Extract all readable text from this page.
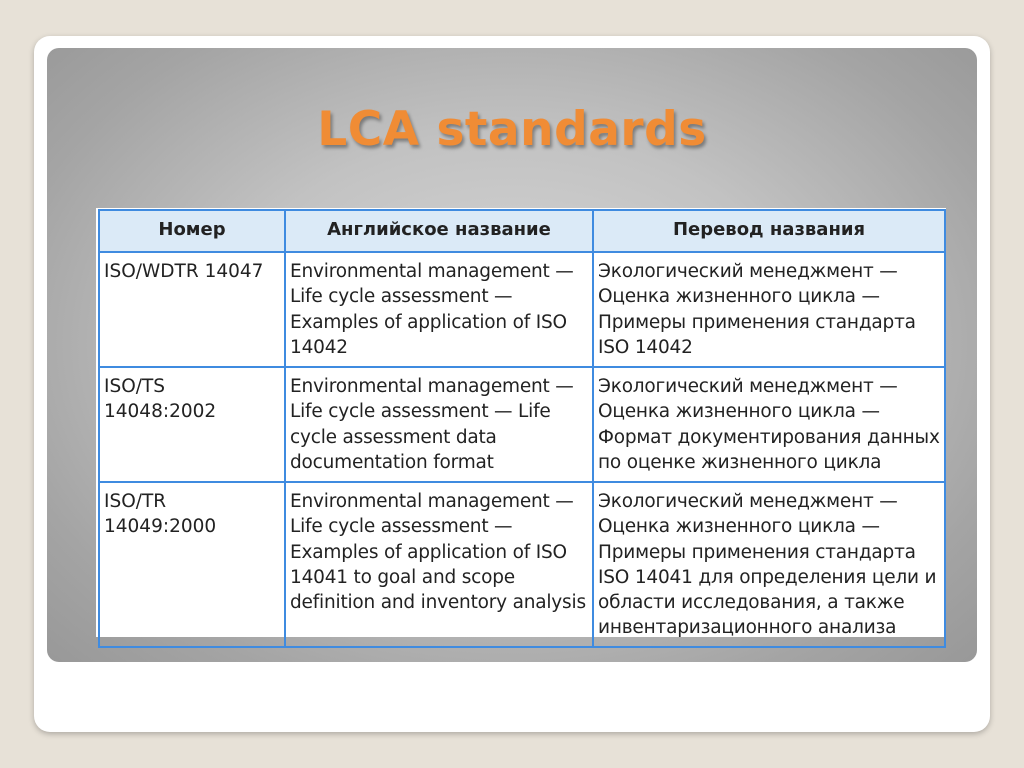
LCA standards
Номер	Английское название	Перевод названия
ISO/WDTR 14047	Environmental management — Life cycle assessment — Examples of application of ISO 14042	Экологический менеджмент — Оценка жизненного цикла — Примеры применения стандарта ISO 14042
ISO/TS 14048:2002	Environmental management — Life cycle assessment — Life cycle assessment data documentation format	Экологический менеджмент — Оценка жизненного цикла — Формат документирования данных по оценке жизненного цикла
ISO/TR 14049:2000	Environmental management — Life cycle assessment — Examples of application of ISO 14041 to goal and scope definition and inventory analysis	Экологический менеджмент — Оценка жизненного цикла — Примеры применения стандарта ISO 14041 для определения цели и области исследования, а также инвентаризационного анализа
